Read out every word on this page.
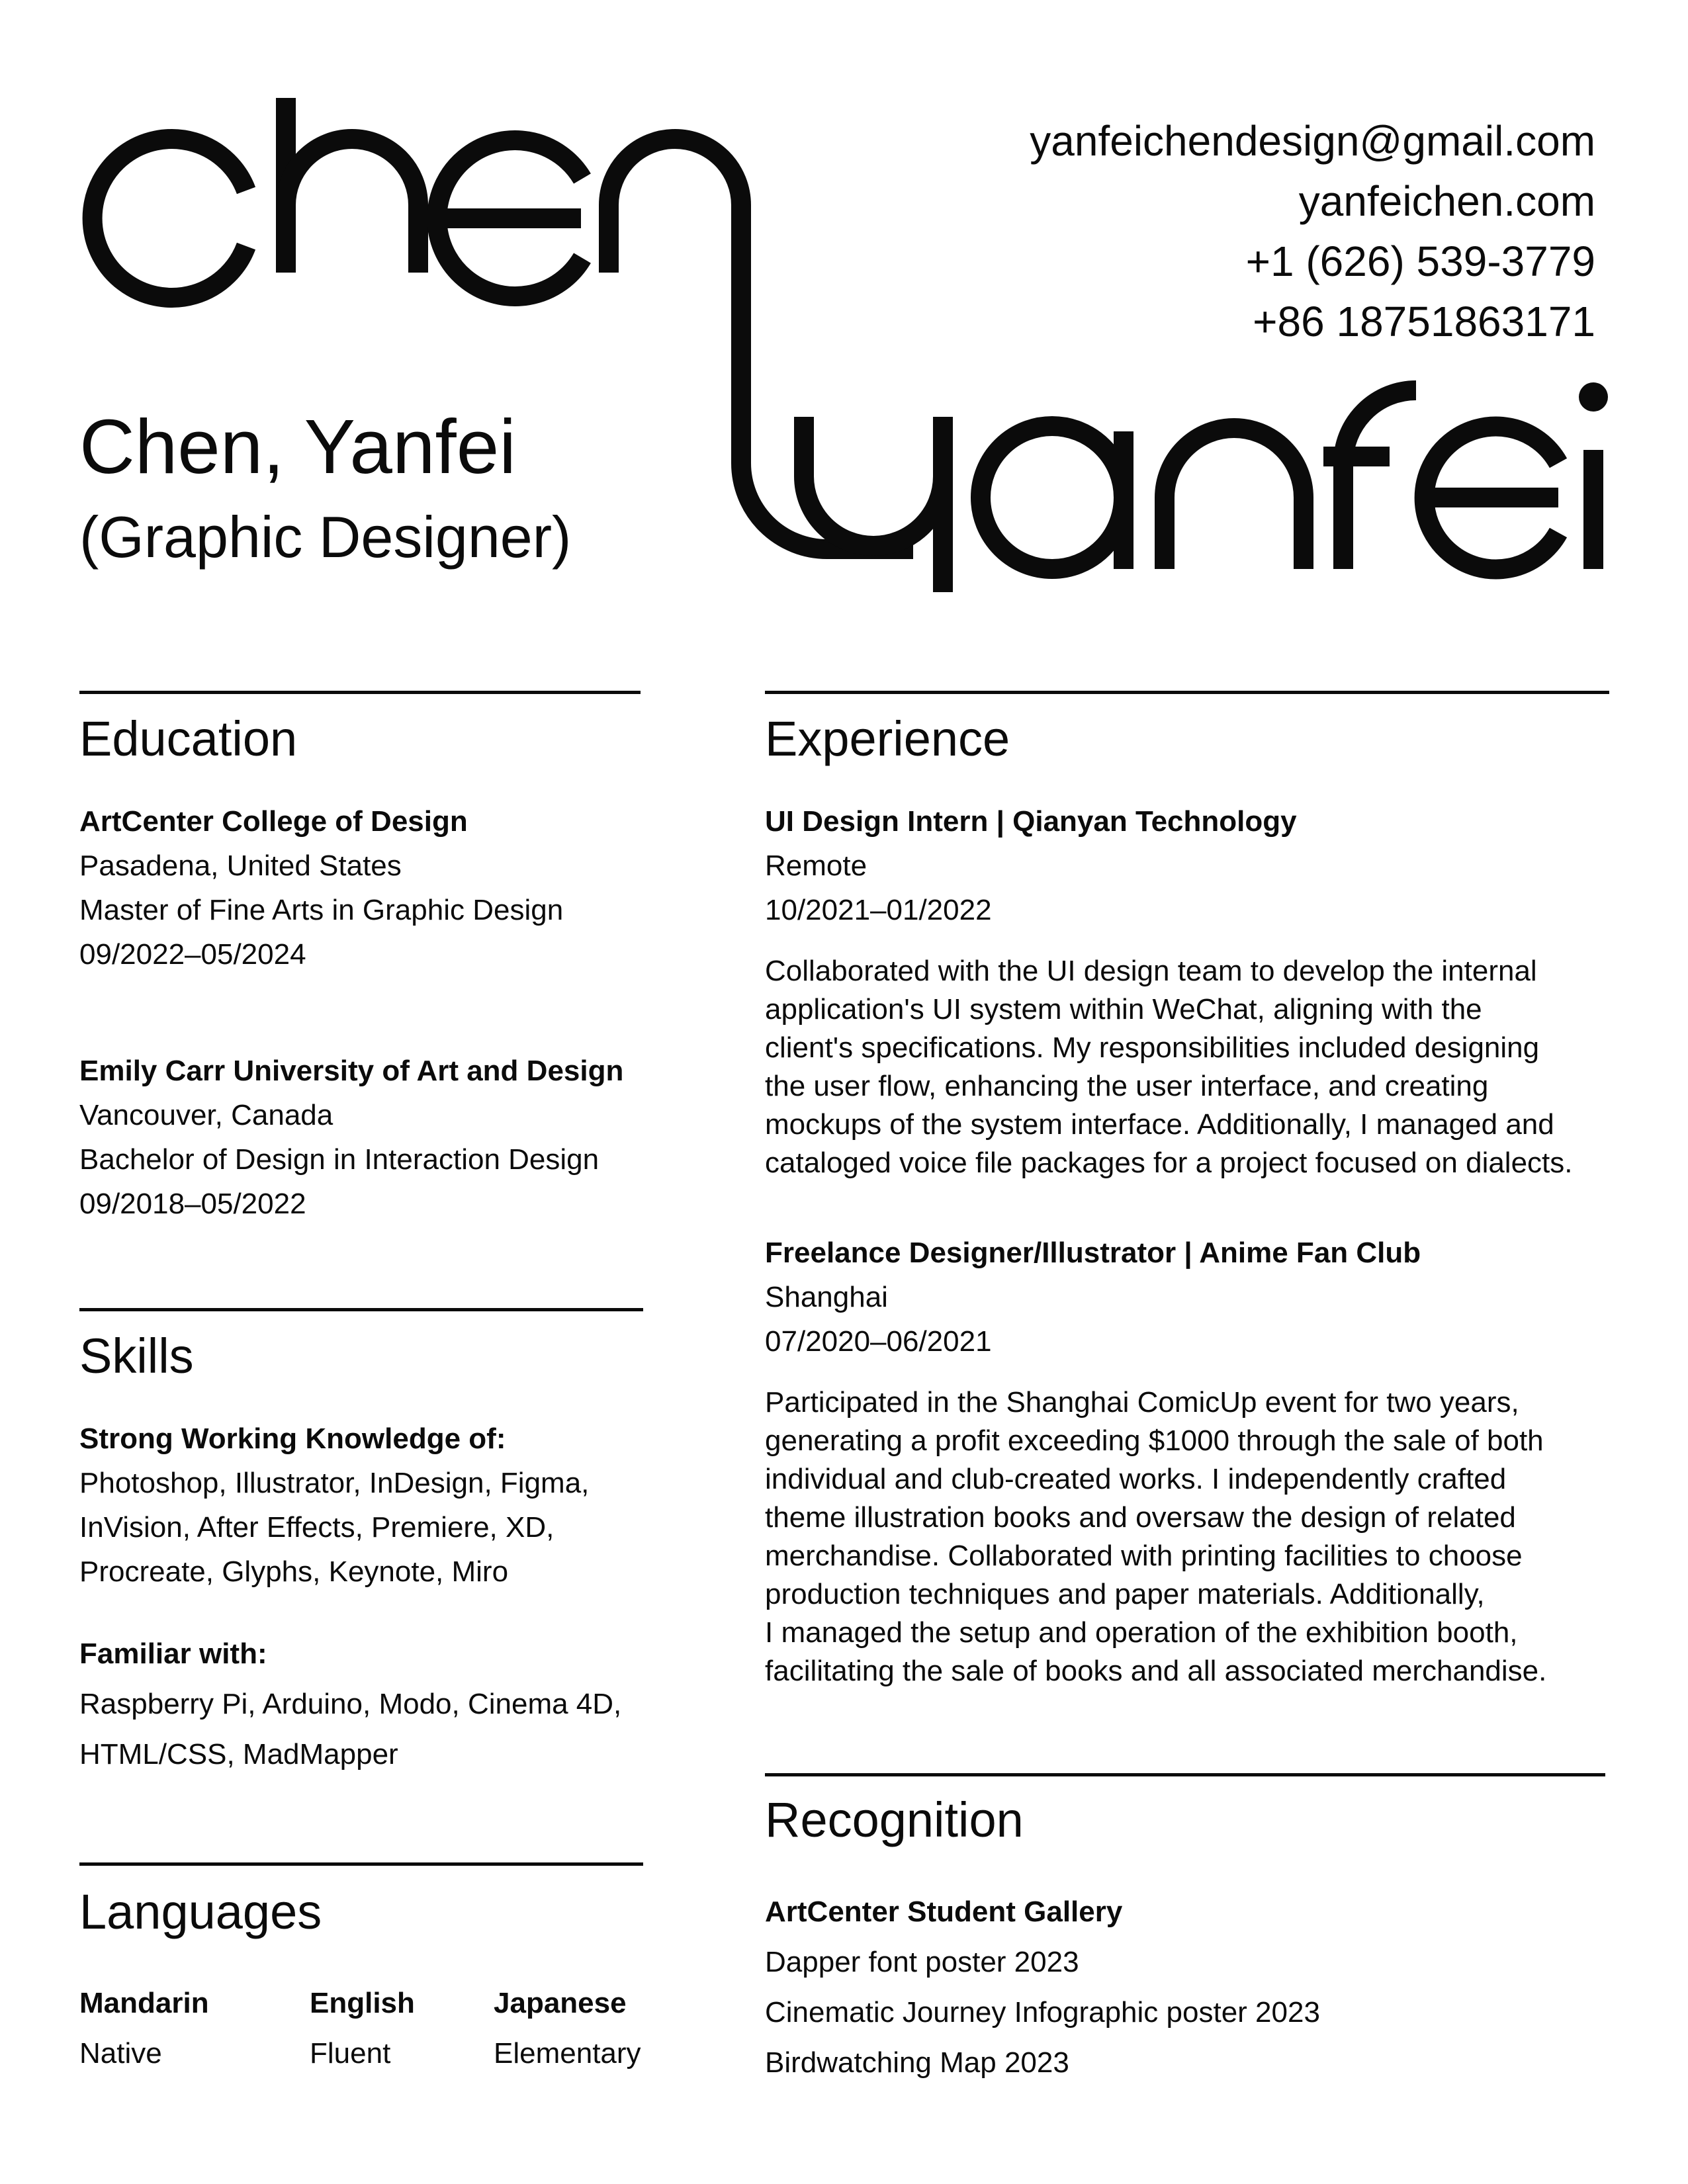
yanfeichendesign@gmail.com
yanfeichen.com
+1 (626) 539-3779
+86 18751863171
Chen, Yanfei
(Graphic Designer)
Education
ArtCenter College of Design
Pasadena, United States
Master of Fine Arts in Graphic Design
09/2022–05/2024
Emily Carr University of Art and Design
Vancouver, Canada
Bachelor of Design in Interaction Design
09/2018–05/2022
Skills
Strong Working Knowledge of:
Photoshop, Illustrator, InDesign, Figma,
InVision, After Effects, Premiere, XD,
Procreate, Glyphs, Keynote, Miro
Familiar with:
Raspberry Pi, Arduino, Modo, Cinema 4D,
HTML/CSS, MadMapper
Languages
Mandarin
Native
English
Fluent
Japanese
Elementary
Experience
UI Design Intern | Qianyan Technology
Remote
10/2021–01/2022
Collaborated with the UI design team to develop the internal
application's UI system within WeChat, aligning with the
client's specifications. My responsibilities included designing
the user flow, enhancing the user interface, and creating
mockups of the system interface. Additionally, I managed and
cataloged voice file packages for a project focused on dialects.
Freelance Designer/Illustrator | Anime Fan Club
Shanghai
07/2020–06/2021
Participated in the Shanghai ComicUp event for two years,
generating a profit exceeding $1000 through the sale of both
individual and club-created works. I independently crafted
theme illustration books and oversaw the design of related
merchandise. Collaborated with printing facilities to choose
production techniques and paper materials. Additionally,
I managed the setup and operation of the exhibition booth,
facilitating the sale of books and all associated merchandise.
Recognition
ArtCenter Student Gallery
Dapper font poster 2023
Cinematic Journey Infographic poster 2023
Birdwatching Map 2023
